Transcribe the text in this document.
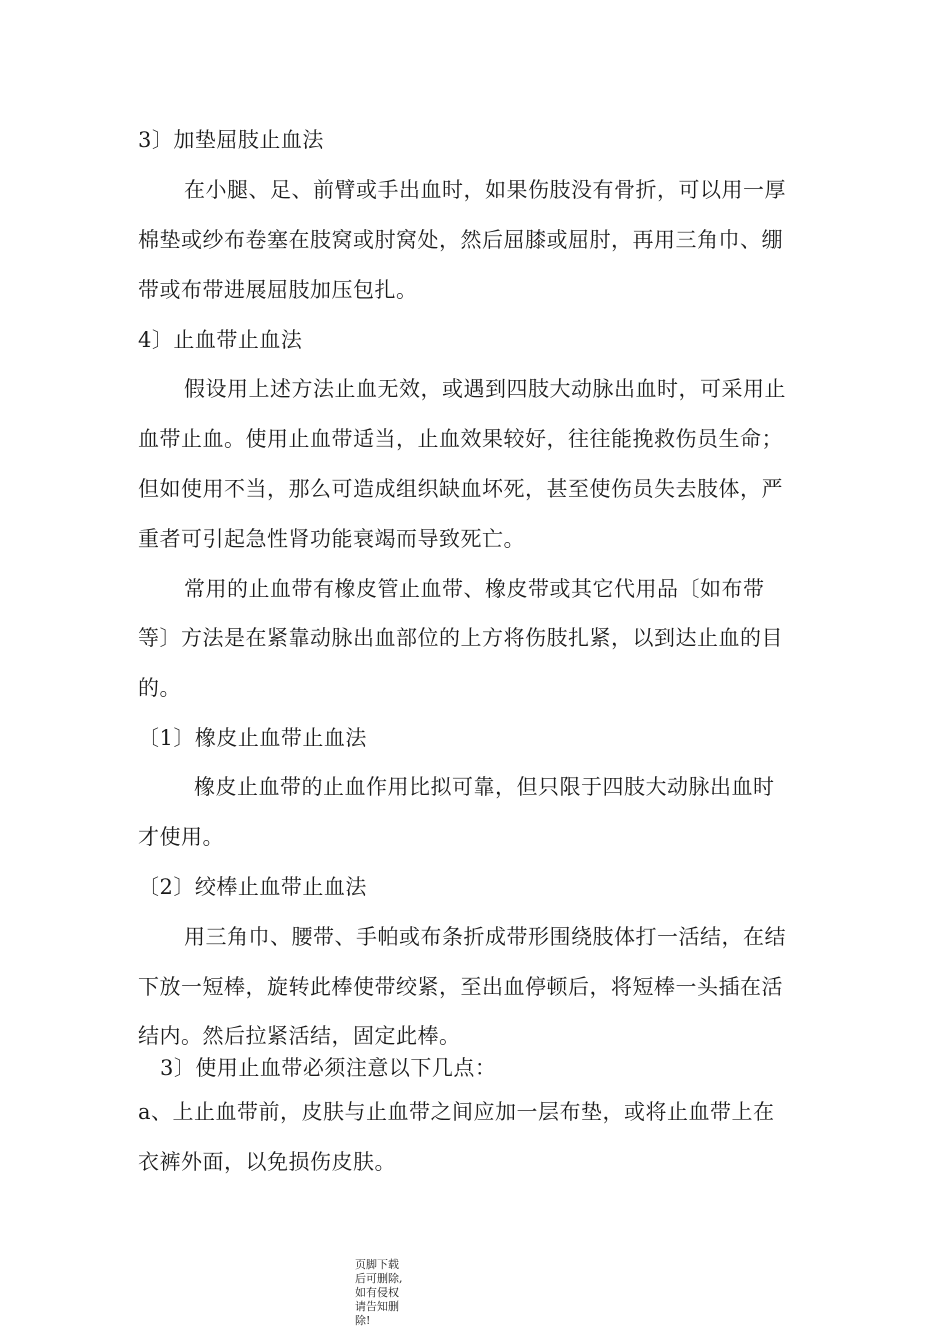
3〕加垫屈肢止血法
在小腿、足、前臂或手出血时，如果伤肢没有骨折，可以用一厚
棉垫或纱布卷塞在肢窝或肘窝处，然后屈膝或屈肘，再用三角巾、绷
带或布带进展屈肢加压包扎。
4〕止血带止血法
假设用上述方法止血无效，或遇到四肢大动脉出血时，可采用止
血带止血。使用止血带适当，止血效果较好，往往能挽救伤员生命；
但如使用不当，那么可造成组织缺血坏死，甚至使伤员失去肢体，严
重者可引起急性肾功能衰竭而导致死亡。
常用的止血带有橡皮管止血带、橡皮带或其它代用品〔如布带
等〕方法是在紧靠动脉出血部位的上方将伤肢扎紧，以到达止血的目
的。
〔1〕橡皮止血带止血法
橡皮止血带的止血作用比拟可靠，但只限于四肢大动脉出血时
才使用。
〔2〕绞棒止血带止血法
用三角巾、腰带、手帕或布条折成带形围绕肢体打一活结，在结
下放一短棒，旋转此棒使带绞紧，至出血停顿后，将短棒一头插在活
结内。然后拉紧活结，固定此棒。
3〕使用止血带必须注意以下几点：
a、上止血带前，皮肤与止血带之间应加一层布垫，或将止血带上在
衣裤外面，以免损伤皮肤。
页脚下载后可删除,如有侵权请告知删除!
